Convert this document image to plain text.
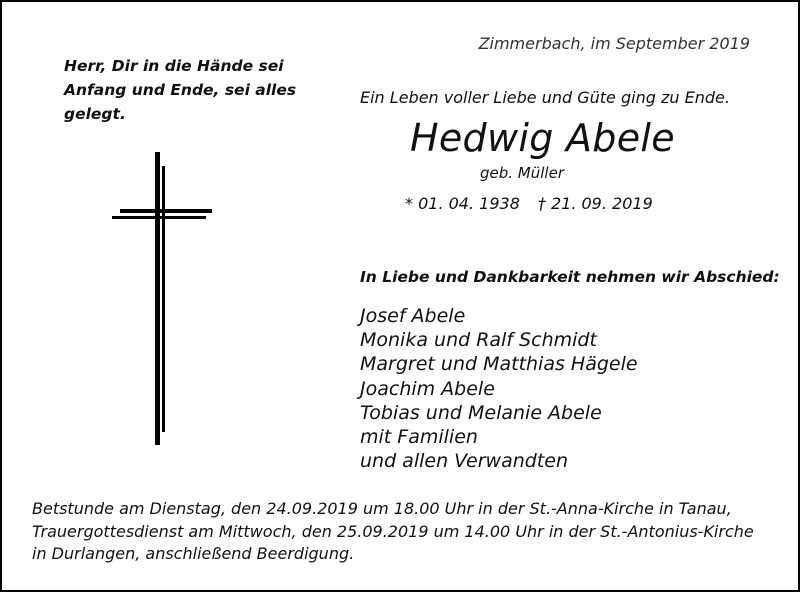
Zimmerbach, im September 2019
Herr, Dir in die Hände sei
Anfang und Ende, sei alles
gelegt.
Ein Leben voller Liebe und Güte ging zu Ende.
Hedwig Abele
geb. Müller
* 01. 04. 1938 † 21. 09. 2019
In Liebe und Dankbarkeit nehmen wir Abschied:
Josef Abele
Monika und Ralf Schmidt
Margret und Matthias Hägele
Joachim Abele
Tobias und Melanie Abele
mit Familien
und allen Verwandten
Betstunde am Dienstag, den 24.09.2019 um 18.00 Uhr in der St.-Anna-Kirche in Tanau,
Trauergottesdienst am Mittwoch, den 25.09.2019 um 14.00 Uhr in der St.-Antonius-Kirche
in Durlangen, anschließend Beerdigung.
